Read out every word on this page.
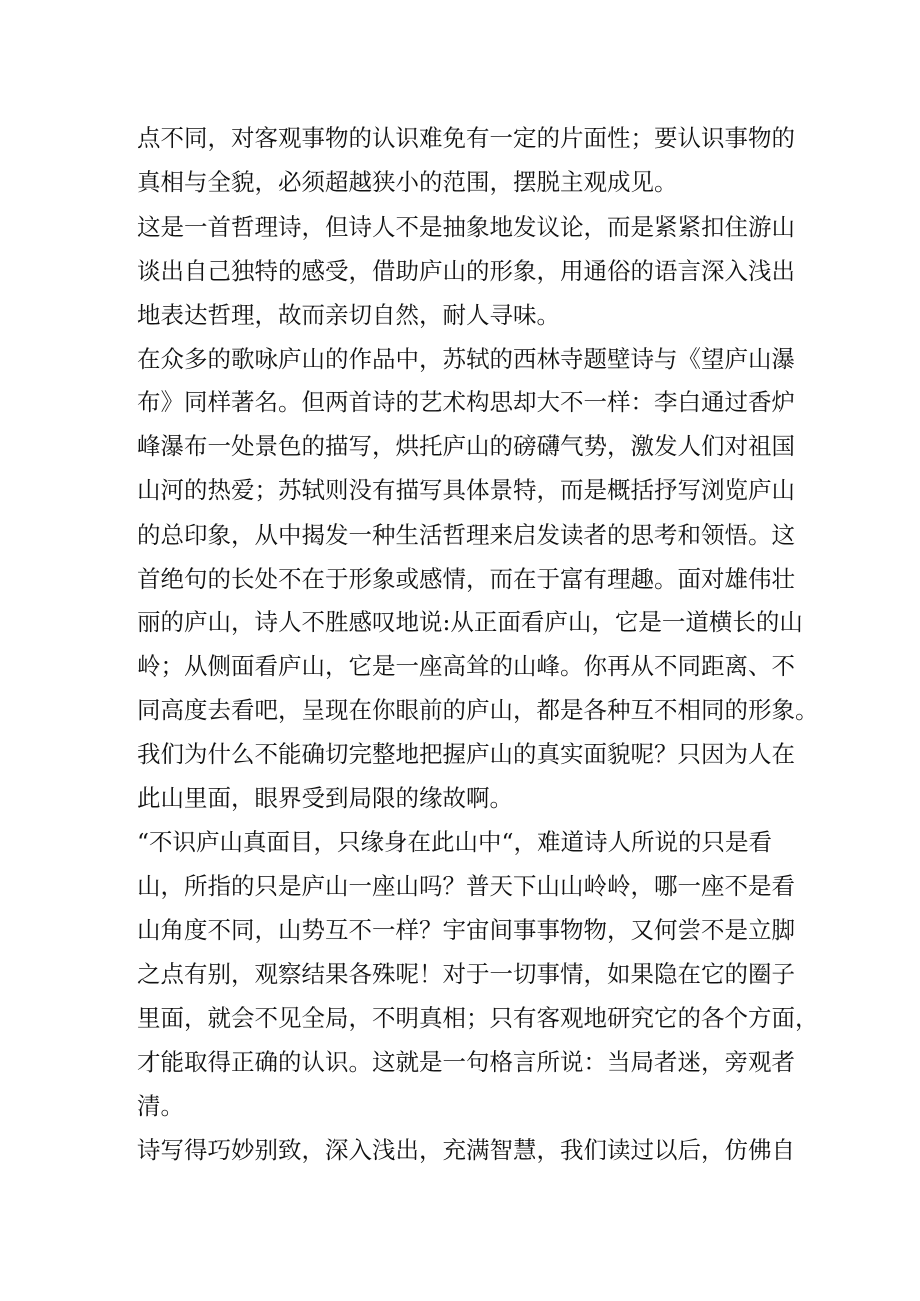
点不同，对客观事物的认识难免有一定的片面性；要认识事物的

真相与全貌，必须超越狭小的范围，摆脱主观成见。

这是一首哲理诗，但诗人不是抽象地发议论，而是紧紧扣住游山

谈出自己独特的感受，借助庐山的形象，用通俗的语言深入浅出

地表达哲理，故而亲切自然，耐人寻味。

在众多的歌咏庐山的作品中，苏轼的西林寺题壁诗与《望庐山瀑

布》同样著名。但两首诗的艺术构思却大不一样：李白通过香炉

峰瀑布一处景色的描写，烘托庐山的磅礴气势，激发人们对祖国

山河的热爱；苏轼则没有描写具体景特，而是概括抒写浏览庐山

的总印象，从中揭发一种生活哲理来启发读者的思考和领悟。这

首绝句的长处不在于形象或感情，而在于富有理趣。面对雄伟壮

丽的庐山，诗人不胜感叹地说:从正面看庐山，它是一道横长的山

岭；从侧面看庐山，它是一座高耸的山峰。你再从不同距离、不

同高度去看吧，呈现在你眼前的庐山，都是各种互不相同的形象。

我们为什么不能确切完整地把握庐山的真实面貌呢？只因为人在

此山里面，眼界受到局限的缘故啊。

“不识庐山真面目，只缘身在此山中“，难道诗人所说的只是看

山，所指的只是庐山一座山吗？普天下山山岭岭，哪一座不是看

山角度不同，山势互不一样？宇宙间事事物物，又何尝不是立脚

之点有别，观察结果各殊呢！对于一切事情，如果隐在它的圈子

里面，就会不见全局，不明真相；只有客观地研究它的各个方面，

才能取得正确的认识。这就是一句格言所说：当局者迷，旁观者

清。

诗写得巧妙别致，深入浅出，充满智慧，我们读过以后，仿佛自
